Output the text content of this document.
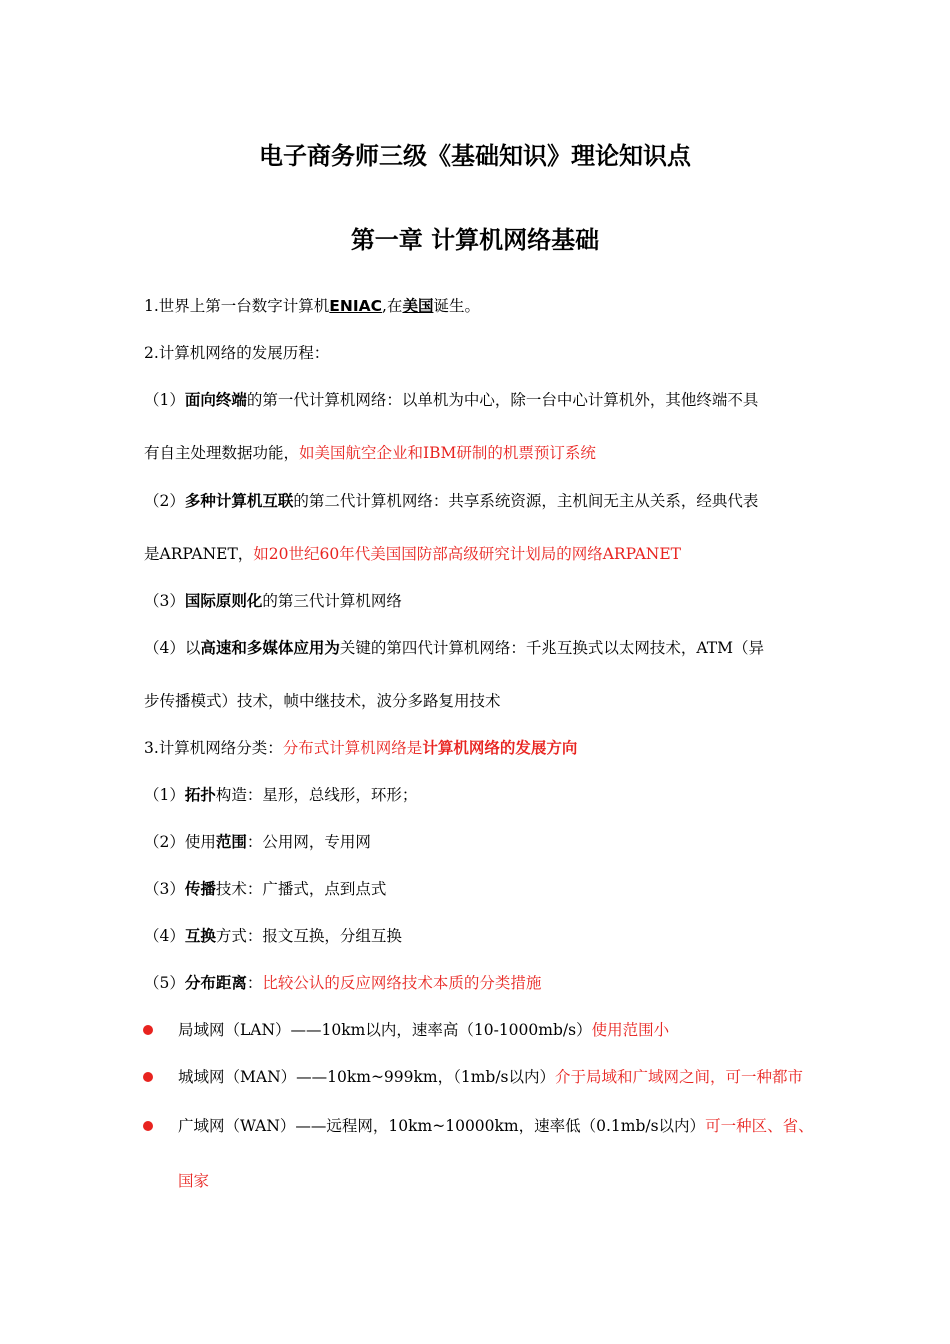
电子商务师三级《基础知识》理论知识点
第一章 计算机网络基础
1.世界上第一台数字计算机ENIAC,在美国诞生。
2.计算机网络的发展历程：
（1）面向终端的第一代计算机网络：以单机为中心，除一台中心计算机外，其他终端不具
有自主处理数据功能，如美国航空企业和IBM研制的机票预订系统
（2）多种计算机互联的第二代计算机网络：共享系统资源，主机间无主从关系，经典代表
是ARPANET，如20世纪60年代美国国防部高级研究计划局的网络ARPANET
（3）国际原则化的第三代计算机网络
（4）以高速和多媒体应用为关键的第四代计算机网络：千兆互换式以太网技术，ATM（异
步传播模式）技术，帧中继技术，波分多路复用技术
3.计算机网络分类：分布式计算机网络是计算机网络的发展方向
（1）拓扑构造：星形，总线形，环形；
（2）使用范围：公用网，专用网
（3）传播技术：广播式，点到点式
（4）互换方式：报文互换，分组互换
（5）分布距离：比较公认的反应网络技术本质的分类措施
局域网（LAN）——10km以内，速率高（10-1000mb/s）使用范围小
城域网（MAN）——10km~999km，（1mb/s以内）介于局域和广域网之间，可一种都市
广域网（WAN）——远程网，10km~10000km，速率低（0.1mb/s以内）可一种区、省、
国家
